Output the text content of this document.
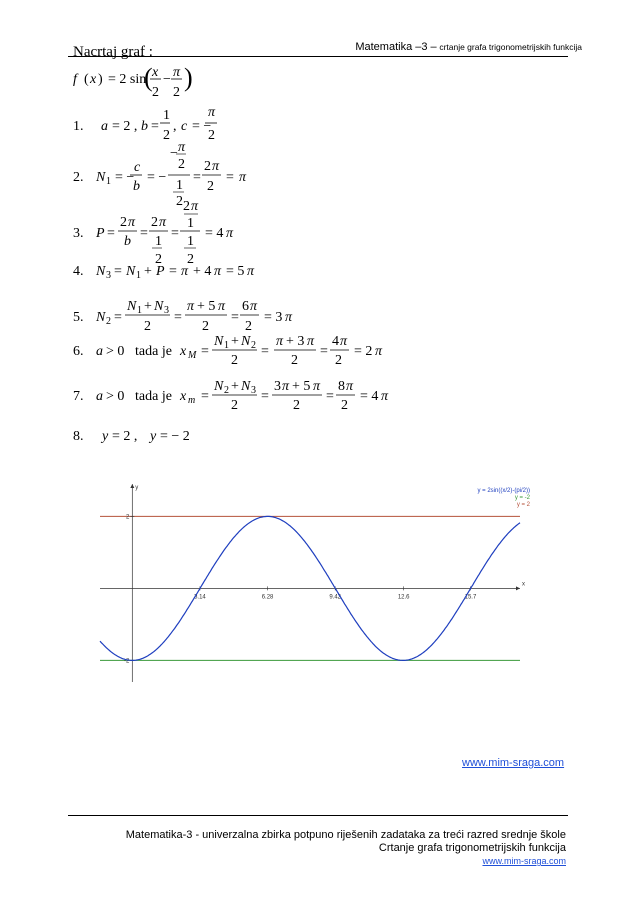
Matematika –3 – crtanje grafa trigonometrijskih funkcija
Nacrtaj graf :
f ( x ) = 2 sin
( x
2
− π
2
)
1. a = 2 , b =
1
2
, c = −
π
2
2. N 1 = −
c
b
= −
− π
2
1
2
=
2 π
2
= π
3. P =
2 π
b
=
2 π
1
2
=
2 π
1
1
2
= 4 π
4. N 3 = N 1 + P = π + 4 π = 5 π
5. N 2 =
N 1 + N 3
2
=
π + 5 π
2
=
6 π
2
= 3 π
6. a > 0 tada je x M =
N 1 + N 2
2
=
π + 3 π
2
=
4 π
2
= 2 π
7. a > 0 tada je x m =
N 2 + N 3
2
=
3 π + 5 π
2
=
8 π
2
= 4 π
8. y = 2 , y = − 2
x
y
3.14	6.28	9.42	12.6	15.7
2
-2
y = 2sin((x/2)-(pi/2))
y = -2
y = 2
www.mim-sraga.com
Matematika-3 - univerzalna zbirka potpuno riješenih zadataka za treći razred srednje škole
Crtanje grafa trigonometrijskih funkcija
www.mim-sraga.com
